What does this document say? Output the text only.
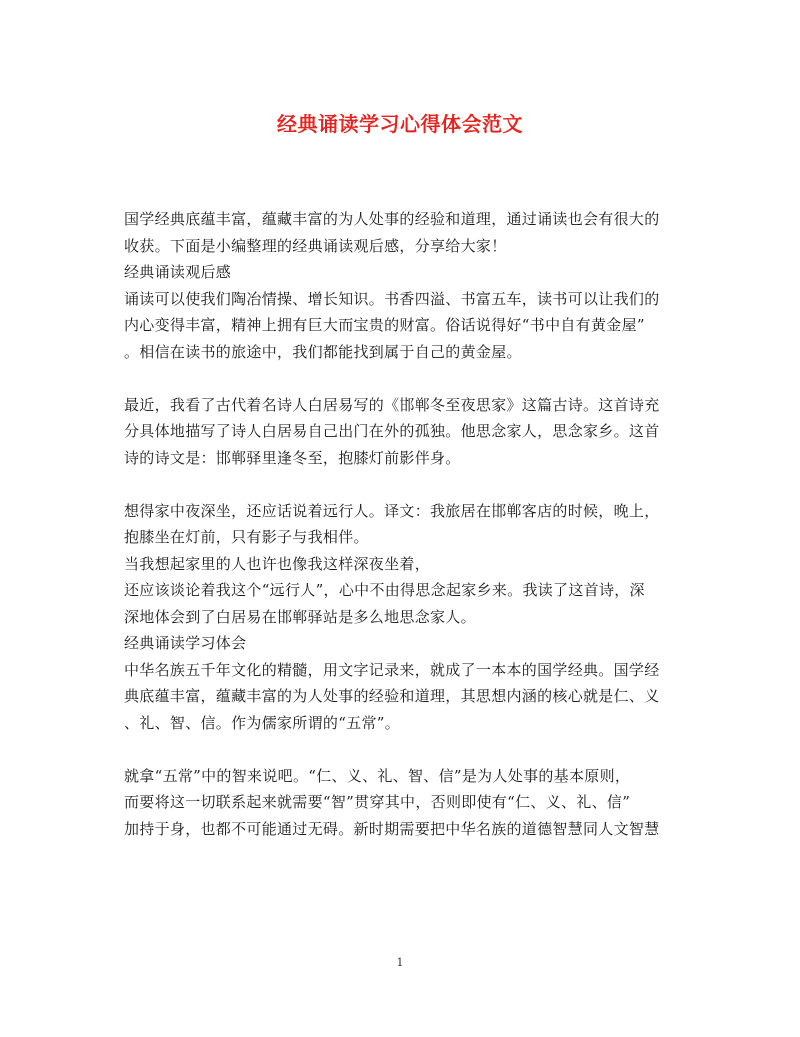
经典诵读学习心得体会范文
国学经典底蕴丰富，蕴藏丰富的为人处事的经验和道理，通过诵读也会有很大的
收获。下面是小编整理的经典诵读观后感，分享给大家！
经典诵读观后感
诵读可以使我们陶冶情操、增长知识。书香四溢、书富五车，读书可以让我们的
内心变得丰富，精神上拥有巨大而宝贵的财富。俗话说得好“书中自有黄金屋”
。相信在读书的旅途中，我们都能找到属于自己的黄金屋。
最近，我看了古代着名诗人白居易写的《邯郸冬至夜思家》这篇古诗。这首诗充
分具体地描写了诗人白居易自己出门在外的孤独。他思念家人，思念家乡。这首
诗的诗文是：邯郸驿里逢冬至，抱膝灯前影伴身。
想得家中夜深坐，还应话说着远行人。译文：我旅居在邯郸客店的时候，晚上，
抱膝坐在灯前，只有影子与我相伴。
当我想起家里的人也许也像我这样深夜坐着，
还应该谈论着我这个“远行人”，心中不由得思念起家乡来。我读了这首诗，深
深地体会到了白居易在邯郸驿站是多么地思念家人。
经典诵读学习体会
中华名族五千年文化的精髓，用文字记录来，就成了一本本的国学经典。国学经
典底蕴丰富，蕴藏丰富的为人处事的经验和道理，其思想内涵的核心就是仁、义
、礼、智、信。作为儒家所谓的“五常”。
就拿“五常”中的智来说吧。“仁、义、礼、智、信”是为人处事的基本原则，
而要将这一切联系起来就需要“智”贯穿其中，否则即使有“仁、义、礼、信”
加持于身，也都不可能通过无碍。新时期需要把中华名族的道德智慧同人文智慧
1
